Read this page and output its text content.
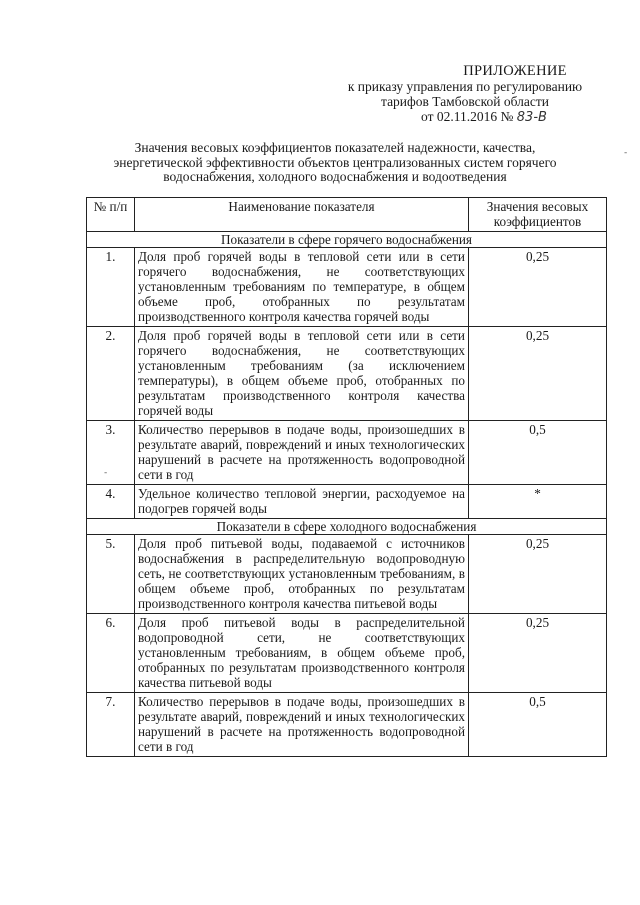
ПРИЛОЖЕНИЕ
к приказу управления по регулированию
тарифов Тамбовской области
от 02.11.2016 № 83-В
Значения весовых коэффициентов показателей надежности, качества,
энергетической эффективности объектов централизованных систем горячего
водоснабжения, холодного водоснабжения и водоотведения
№ п/п	Наименование показателя	Значения весовых коэффициентов
Показатели в сфере горячего водоснабжения		
1.	Доля проб горячей воды в тепловой сети или в сети горячего водоснабжения, не соответствующих установленным требованиям по температуре, в общем объеме проб, отобранных по результатам производственного контроля качества горячей воды	0,25
2.	Доля проб горячей воды в тепловой сети или в сети горячего водоснабжения, не соответствующих установленным требованиям (за исключением температуры), в общем объеме проб, отобранных по результатам производственного контроля качества горячей воды	0,25
3.	Количество перерывов в подаче воды, произошедших в результате аварий, повреждений и иных технологических нарушений в расчете на протяженность водопроводной сети в год	0,5
4.	Удельное количество тепловой энергии, расходуемое на подогрев горячей воды	*
Показатели в сфере холодного водоснабжения		
5.	Доля проб питьевой воды, подаваемой с источников водоснабжения в распределительную водопроводную сеть, не соответствующих установленным требованиям, в общем объеме проб, отобранных по результатам производственного контроля качества питьевой воды	0,25
6.	Доля проб питьевой воды в распределительной водопроводной сети, не соответствующих установленным требованиям, в общем объеме проб, отобранных по результатам производственного контроля качества питьевой воды	0,25
7.	Количество перерывов в подаче воды, произошедших в результате аварий, повреждений и иных технологических нарушений в расчете на протяженность водопроводной сети в год	0,5
-
-
